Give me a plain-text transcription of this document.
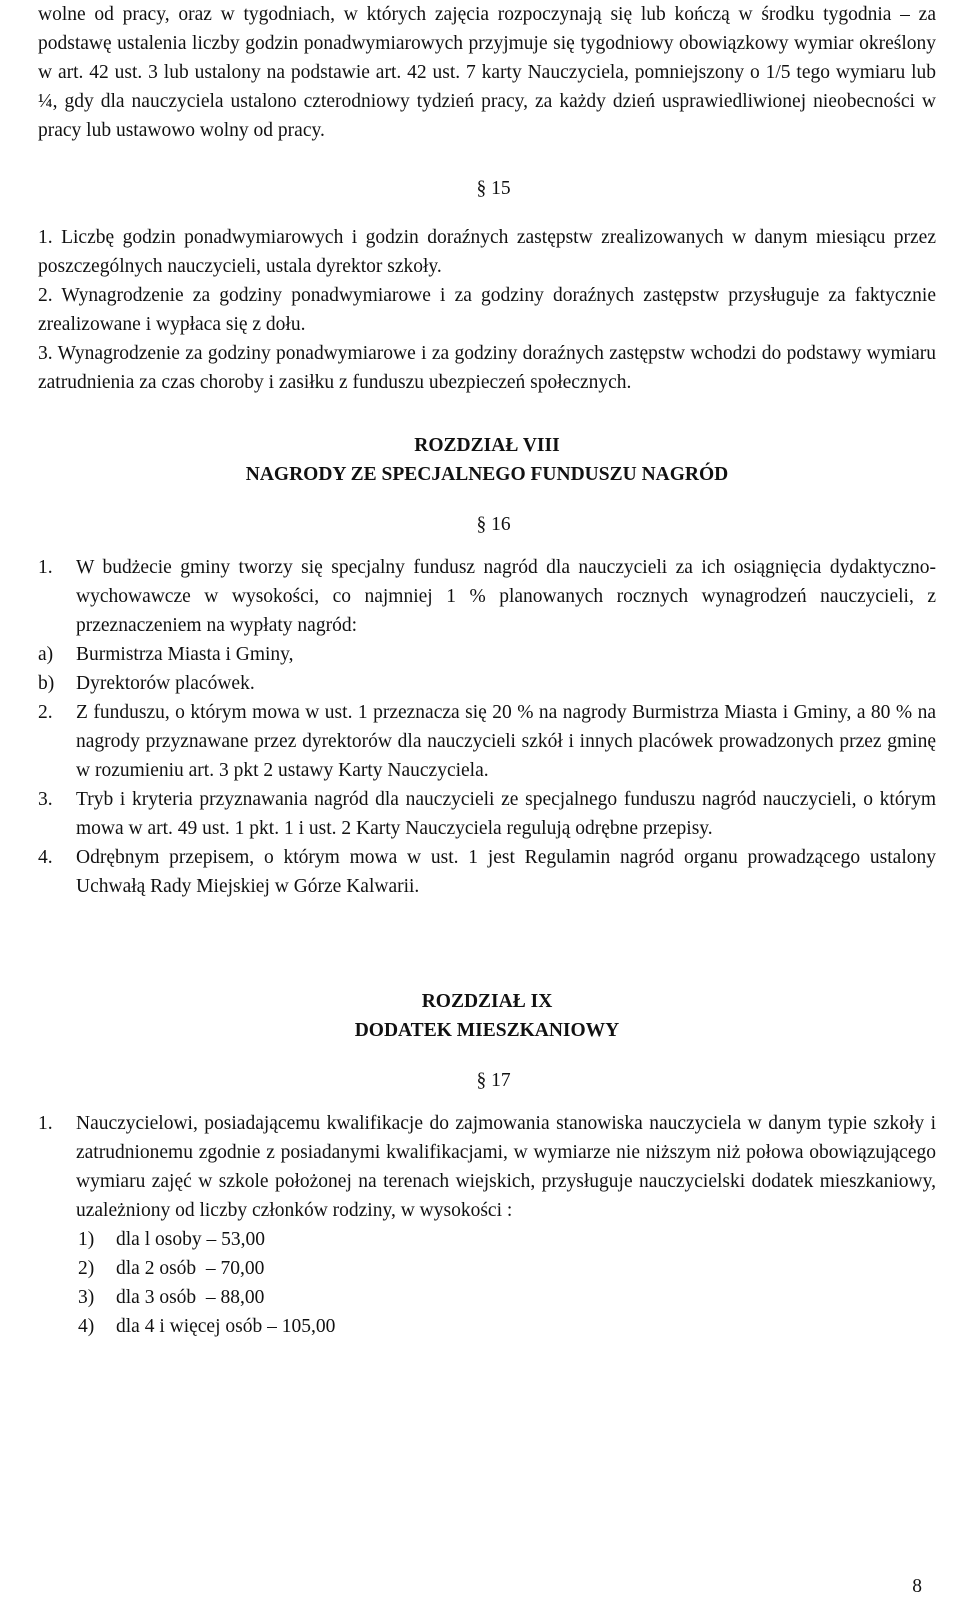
wolne od pracy, oraz w tygodniach, w których zajęcia rozpoczynają się lub kończą w środku tygodnia – za podstawę ustalenia liczby godzin ponadwymiarowych przyjmuje się tygodniowy obowiązkowy wymiar określony w art. 42 ust. 3 lub ustalony na podstawie art. 42 ust. 7 karty Nauczyciela, pomniejszony o 1/5 tego wymiaru lub ¼, gdy dla nauczyciela ustalono czterodniowy tydzień pracy, za każdy dzień usprawiedliwionej nieobecności w pracy lub ustawowo wolny od pracy.

§ 15
1. Liczbę godzin ponadwymiarowych i godzin doraźnych zastępstw zrealizowanych w danym miesiącu przez poszczególnych nauczycieli, ustala dyrektor szkoły.
2. Wynagrodzenie za godziny ponadwymiarowe i za godziny doraźnych zastępstw przysługuje za faktycznie zrealizowane i wypłaca się z dołu.
3. Wynagrodzenie za godziny ponadwymiarowe i za godziny doraźnych zastępstw wchodzi do podstawy wymiaru zatrudnienia za czas choroby i zasiłku z funduszu ubezpieczeń społecznych.
ROZDZIAŁ VIII
NAGRODY ZE SPECJALNEGO FUNDUSZU NAGRÓD
§ 16
1.	W budżecie gminy tworzy się specjalny fundusz nagród dla nauczycieli za ich osiągnięcia dydaktyczno-wychowawcze w wysokości, co najmniej 1 % planowanych rocznych wynagrodzeń nauczycieli, z przeznaczeniem na wypłaty nagród:
a)	Burmistrza Miasta i Gminy,
b)	Dyrektorów placówek.
2.	Z funduszu, o którym mowa w ust. 1 przeznacza się 20 % na nagrody Burmistrza Miasta i Gminy, a 80 % na nagrody przyznawane przez dyrektorów dla nauczycieli szkół i innych placówek prowadzonych przez gminę w rozumieniu art. 3 pkt 2 ustawy Karty Nauczyciela.
3.	Tryb i kryteria przyznawania nagród dla nauczycieli ze specjalnego funduszu nagród nauczycieli, o którym mowa w art. 49 ust. 1 pkt. 1 i ust. 2 Karty Nauczyciela regulują odrębne przepisy.
4.	Odrębnym przepisem, o którym mowa w ust. 1 jest Regulamin nagród organu prowadzącego ustalony Uchwałą Rady Miejskiej w Górze Kalwarii.
ROZDZIAŁ IX
DODATEK MIESZKANIOWY
§ 17
1.	Nauczycielowi, posiadającemu kwalifikacje do zajmowania stanowiska nauczyciela w danym typie szkoły i zatrudnionemu zgodnie z posiadanymi kwalifikacjami, w wymiarze nie niższym niż połowa obowiązującego wymiaru zajęć w szkole położonej na terenach wiejskich, przysługuje nauczycielski dodatek mieszkaniowy, uzależniony od liczby członków rodziny, w wysokości :
1)	dla l osoby – 53,00
2)	dla 2 osób  – 70,00
3)	dla 3 osób  – 88,00
4)	dla 4 i więcej osób – 105,00
8
